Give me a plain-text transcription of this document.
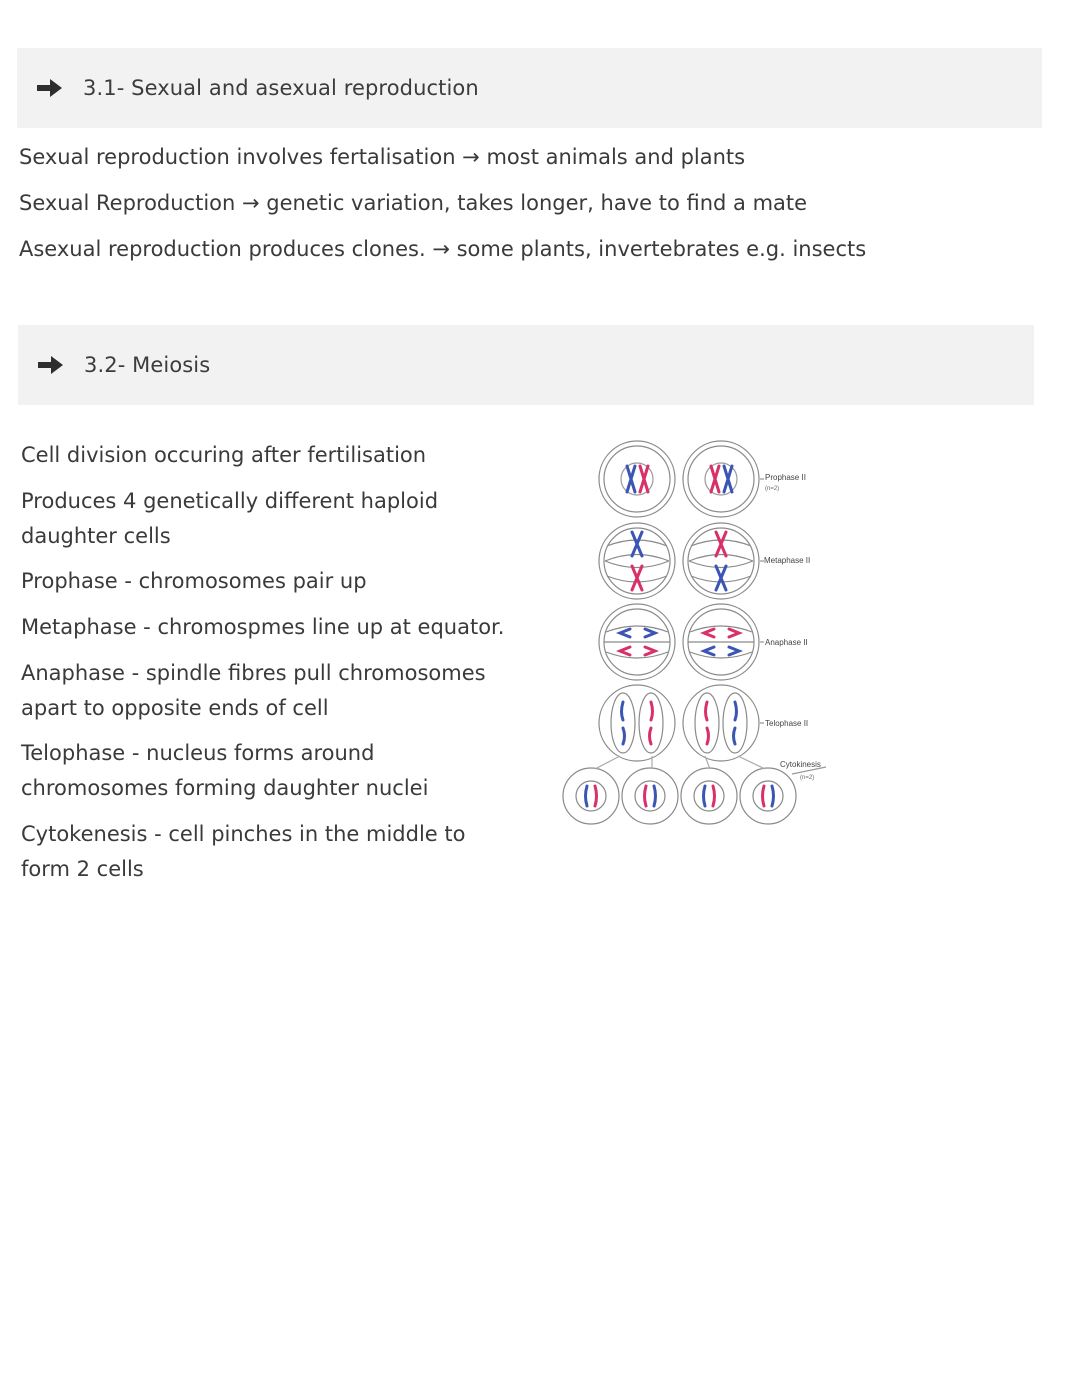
3.1- Sexual and asexual reproduction
Sexual reproduction involves fertalisation → most animals and plants
Sexual Reproduction → genetic variation, takes longer, have to find a mate
Asexual reproduction produces clones. → some plants, invertebrates e.g. insects
3.2- Meiosis
Cell division occuring after fertilisation
Produces 4 genetically different haploid
daughter cells
Prophase - chromosomes pair up
Metaphase - chromospmes line up at equator.
Anaphase - spindle fibres pull chromosomes
apart to opposite ends of cell
Telophase - nucleus forms around
chromosomes forming daughter nuclei
Cytokenesis - cell pinches in the middle to
form 2 cells
Prophase II
(n=2)
Metaphase II
Anaphase II
Telophase II
Cytokinesis
(n=2)
